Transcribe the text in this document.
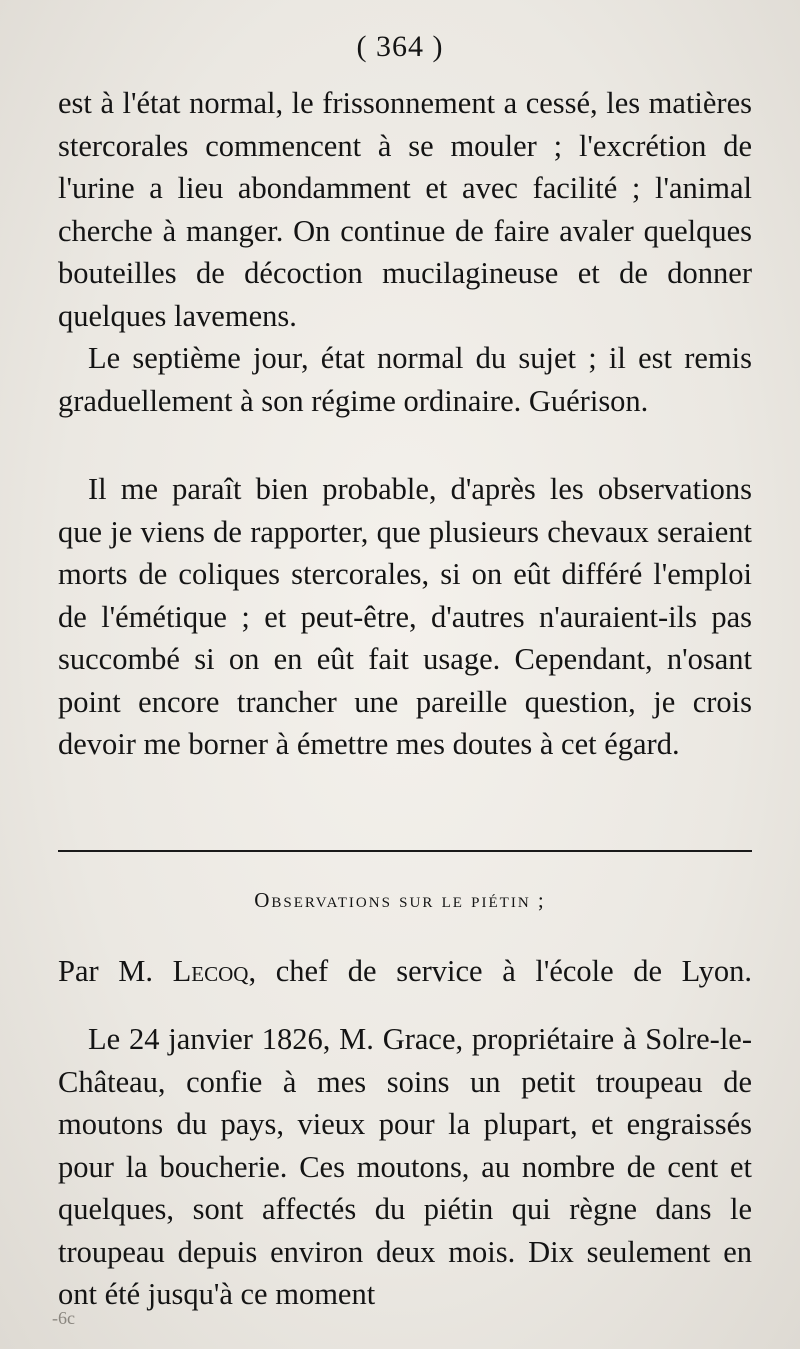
( 364 )

est à l'état normal, le frissonnement a cessé, les matières stercorales commencent à se mouler ; l'excrétion de l'urine a lieu abondamment et avec facilité ; l'animal cherche à manger. On continue de faire avaler quelques bouteilles de décoction mucilagineuse et de donner quelques lavemens.

Le septième jour, état normal du sujet ; il est remis graduellement à son régime ordinaire. Guérison.

Il me paraît bien probable, d'après les observations que je viens de rapporter, que plusieurs chevaux seraient morts de coliques stercorales, si on eût différé l'emploi de l'émétique ; et peut-être, d'autres n'auraient-ils pas succombé si on en eût fait usage. Cependant, n'osant point encore trancher une pareille question, je crois devoir me borner à émettre mes doutes à cet égard.

Observations sur le piétin ;
Par M. Lecoq, chef de service à l'école de Lyon.

Le 24 janvier 1826, M. Grace, propriétaire à Solre-le-Château, confie à mes soins un petit troupeau de moutons du pays, vieux pour la plupart, et engraissés pour la boucherie. Ces moutons, au nombre de cent et quelques, sont affectés du piétin qui règne dans le troupeau depuis environ deux mois. Dix seulement en ont été jusqu'à ce moment

-6c
